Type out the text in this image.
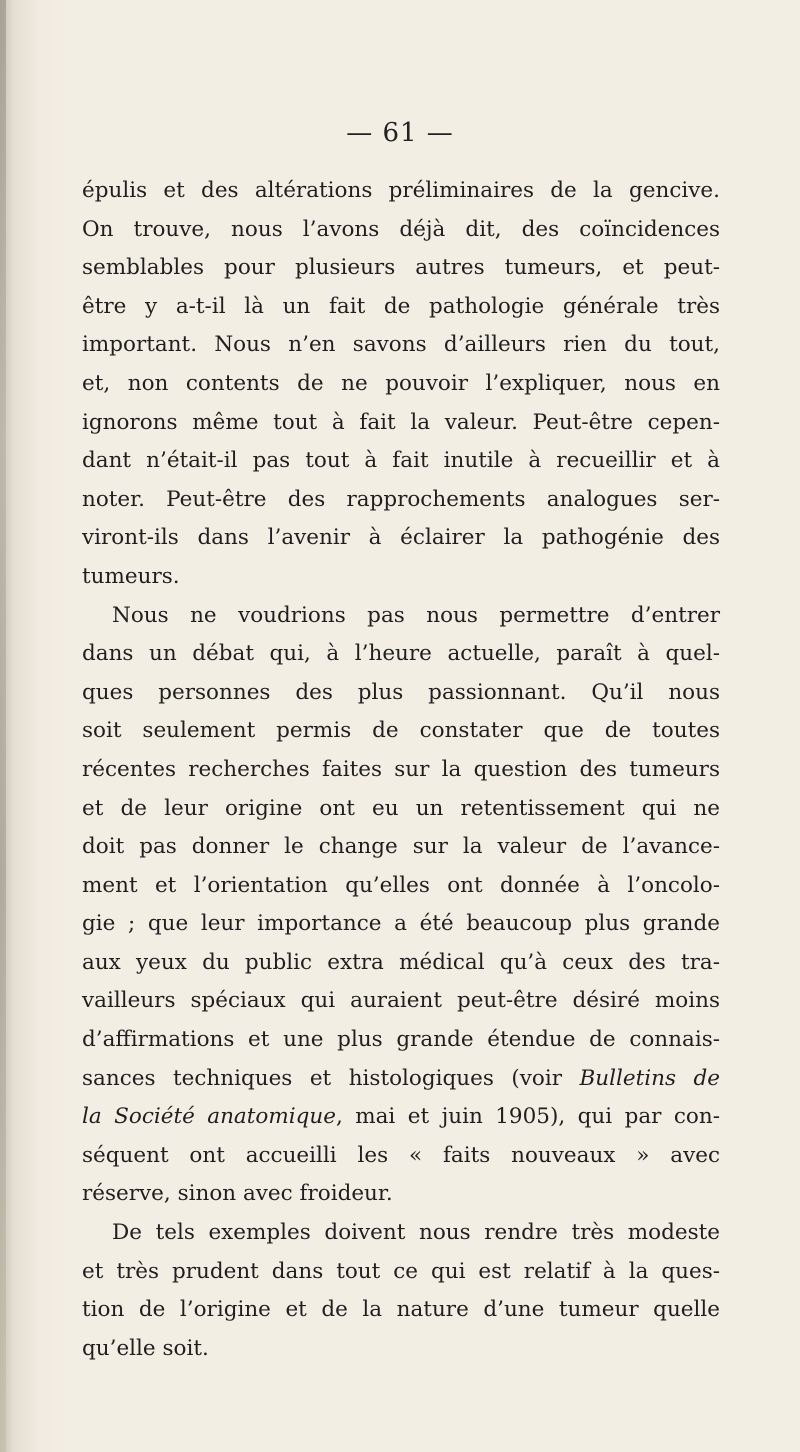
— 61 —
épulis et des altérations préliminaires de la gencive.
On trouve, nous l’avons déjà dit, des coïncidences
semblables pour plusieurs autres tumeurs, et peut-
être y a-t-il là un fait de pathologie générale très
important. Nous n’en savons d’ailleurs rien du tout,
et, non contents de ne pouvoir l’expliquer, nous en
ignorons même tout à fait la valeur. Peut-être cepen-
dant n’était-il pas tout à fait inutile à recueillir et à
noter. Peut-être des rapprochements analogues ser-
viront-ils dans l’avenir à éclairer la pathogénie des
tumeurs.
Nous ne voudrions pas nous permettre d’entrer
dans un débat qui, à l’heure actuelle, paraît à quel-
ques personnes des plus passionnant. Qu’il nous
soit seulement permis de constater que de toutes
récentes recherches faites sur la question des tumeurs
et de leur origine ont eu un retentissement qui ne
doit pas donner le change sur la valeur de l’avance-
ment et l’orientation qu’elles ont donnée à l’oncolo-
gie ; que leur importance a été beaucoup plus grande
aux yeux du public extra médical qu’à ceux des tra-
vailleurs spéciaux qui auraient peut-être désiré moins
d’affirmations et une plus grande étendue de connais-
sances techniques et histologiques (voir Bulletins de
la Société anatomique, mai et juin 1905), qui par con-
séquent ont accueilli les « faits nouveaux » avec
réserve, sinon avec froideur.
De tels exemples doivent nous rendre très modeste
et très prudent dans tout ce qui est relatif à la ques-
tion de l’origine et de la nature d’une tumeur quelle
qu’elle soit.
